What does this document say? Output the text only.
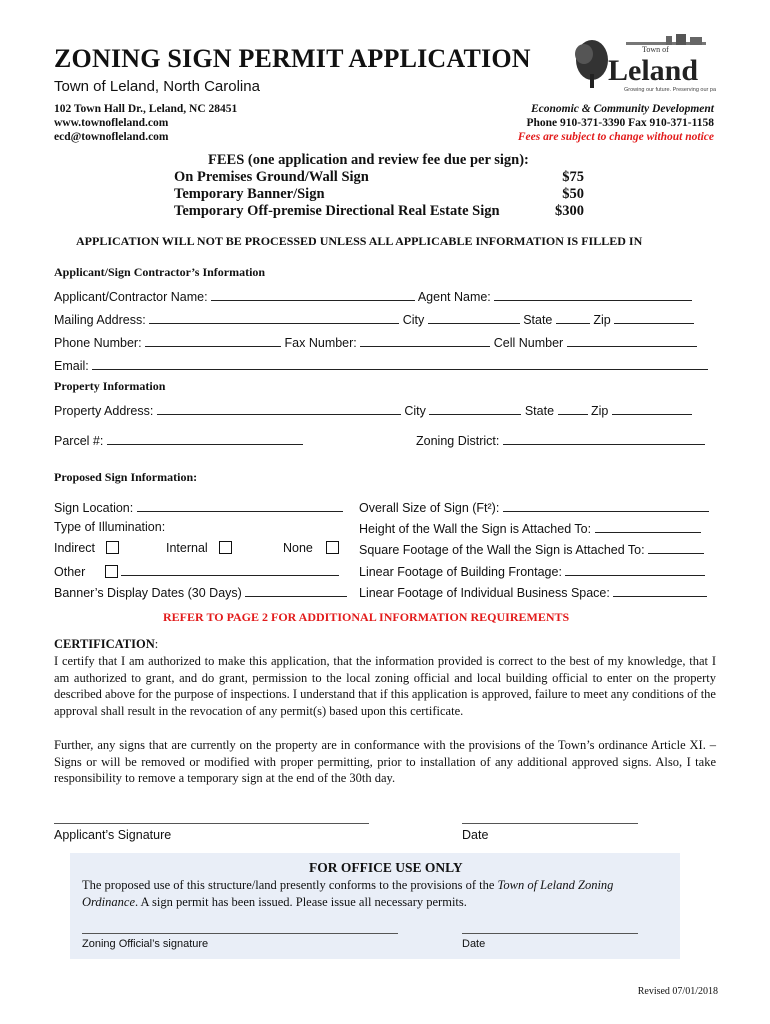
ZONING SIGN PERMIT APPLICATION
Town of Leland, North Carolina
Town of
Leland
Growing our future. Preserving our past.
102 Town Hall Dr., Leland, NC 28451
www.townofleland.com
ecd@townofleland.com
Economic & Community Development
Phone 910-371-3390 Fax 910-371-1158
Fees are subject to change without notice
FEES (one application and review fee due per sign):
On Premises Ground/Wall Sign	$75
Temporary Banner/Sign	$50
Temporary Off-premise Directional Real Estate Sign	$300
APPLICATION WILL NOT BE PROCESSED UNLESS ALL APPLICABLE INFORMATION IS FILLED IN
Applicant/Sign Contractor’s Information
Applicant/Contractor Name:	Agent Name:
Mailing Address:	City	State	Zip
Phone Number:	Fax Number:	Cell Number
Email:
Property Information
Property Address:	City	State	Zip
Parcel #:	Zoning District:
Proposed Sign Information:
Sign Location:	Overall Size of Sign (Ft²):
Type of Illumination:	Height of the Wall the Sign is Attached To:
Indirect	Internal	None	Square Footage of the Wall the Sign is Attached To:
Other	Linear Footage of Building Frontage:
Banner’s Display Dates (30 Days)	Linear Footage of Individual Business Space:
REFER TO PAGE 2 FOR ADDITIONAL INFORMATION REQUIREMENTS
CERTIFICATION:
I certify that I am authorized to make this application, that the information provided is correct to the best of my knowledge, that I am authorized to grant, and do grant, permission to the local zoning official and local building official to enter on the property described above for the purpose of inspections. I understand that if this application is approved, failure to meet any conditions of the approval shall result in the revocation of any permit(s) based upon this certificate.
Further, any signs that are currently on the property are in conformance with the provisions of the Town’s ordinance Article XI. – Signs or will be removed or modified with proper permitting, prior to installation of any additional approved signs. Also, I take responsibility to remove a temporary sign at the end of the 30th day.
Applicant’s Signature	Date
FOR OFFICE USE ONLY
The proposed use of this structure/land presently conforms to the provisions of the Town of Leland Zoning Ordinance. A sign permit has been issued. Please issue all necessary permits.
Zoning Official’s signature	Date
Revised 07/01/2018
